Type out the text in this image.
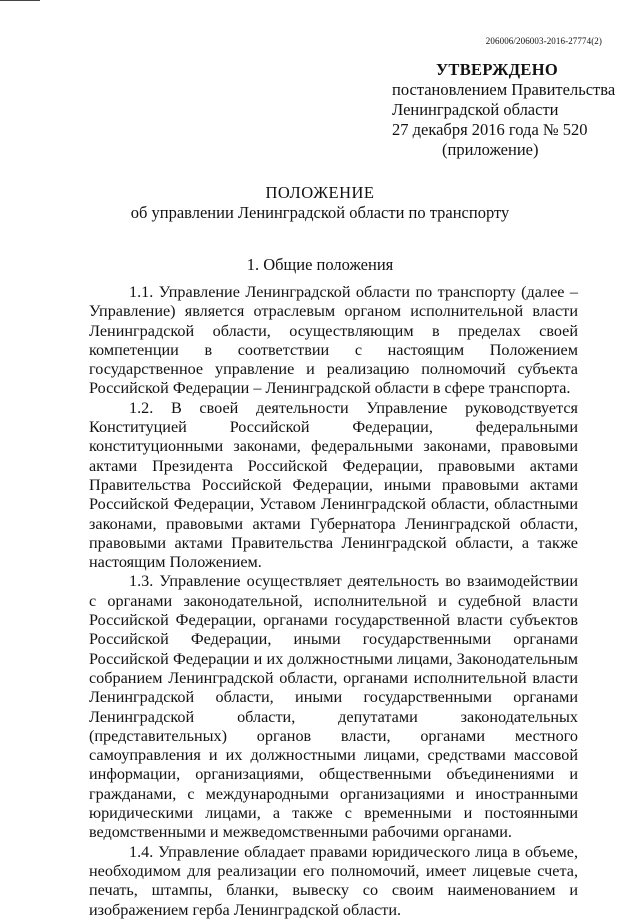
206006/206003-2016-27774(2)
УТВЕРЖДЕНО
постановлением Правительства
Ленинградской области
27 декабря 2016 года № 520
(приложение)
ПОЛОЖЕНИЕ
об управлении Ленинградской области по транспорту
1. Общие положения

1.1. Управление Ленинградской области по транспорту (далее – Управление) является отраслевым органом исполнительной власти Ленинградской области, осуществляющим в пределах своей компетенции в соответствии с настоящим Положением государственное управление и реализацию полномочий субъекта Российской Федерации – Ленинградской области в сфере транспорта.

1.2. В своей деятельности Управление руководствуется Конституцией Российской Федерации, федеральными конституционными законами, федеральными законами, правовыми актами Президента Российской Федерации, правовыми актами Правительства Российской Федерации, иными правовыми актами Российской Федерации, Уставом Ленинградской области, областными законами, правовыми актами Губернатора Ленинградской области, правовыми актами Правительства Ленинградской области, а также настоящим Положением.

1.3. Управление осуществляет деятельность во взаимодействии с органами законодательной, исполнительной и судебной власти Российской Федерации, органами государственной власти субъектов Российской Федерации, иными государственными органами Российской Федерации и их должностными лицами, Законодательным собранием Ленинградской области, органами исполнительной власти Ленинградской области, иными государственными органами Ленинградской области, депутатами законодательных (представительных) органов власти, органами местного самоуправления и их должностными лицами, средствами массовой информации, организациями, общественными объединениями и гражданами, с международными организациями и иностранными юридическими лицами, а также с временными и постоянными ведомственными и межведомственными рабочими органами.

1.4. Управление обладает правами юридического лица в объеме, необходимом для реализации его полномочий, имеет лицевые счета, печать, штампы, бланки, вывеску со своим наименованием и изображением герба Ленинградской области.
